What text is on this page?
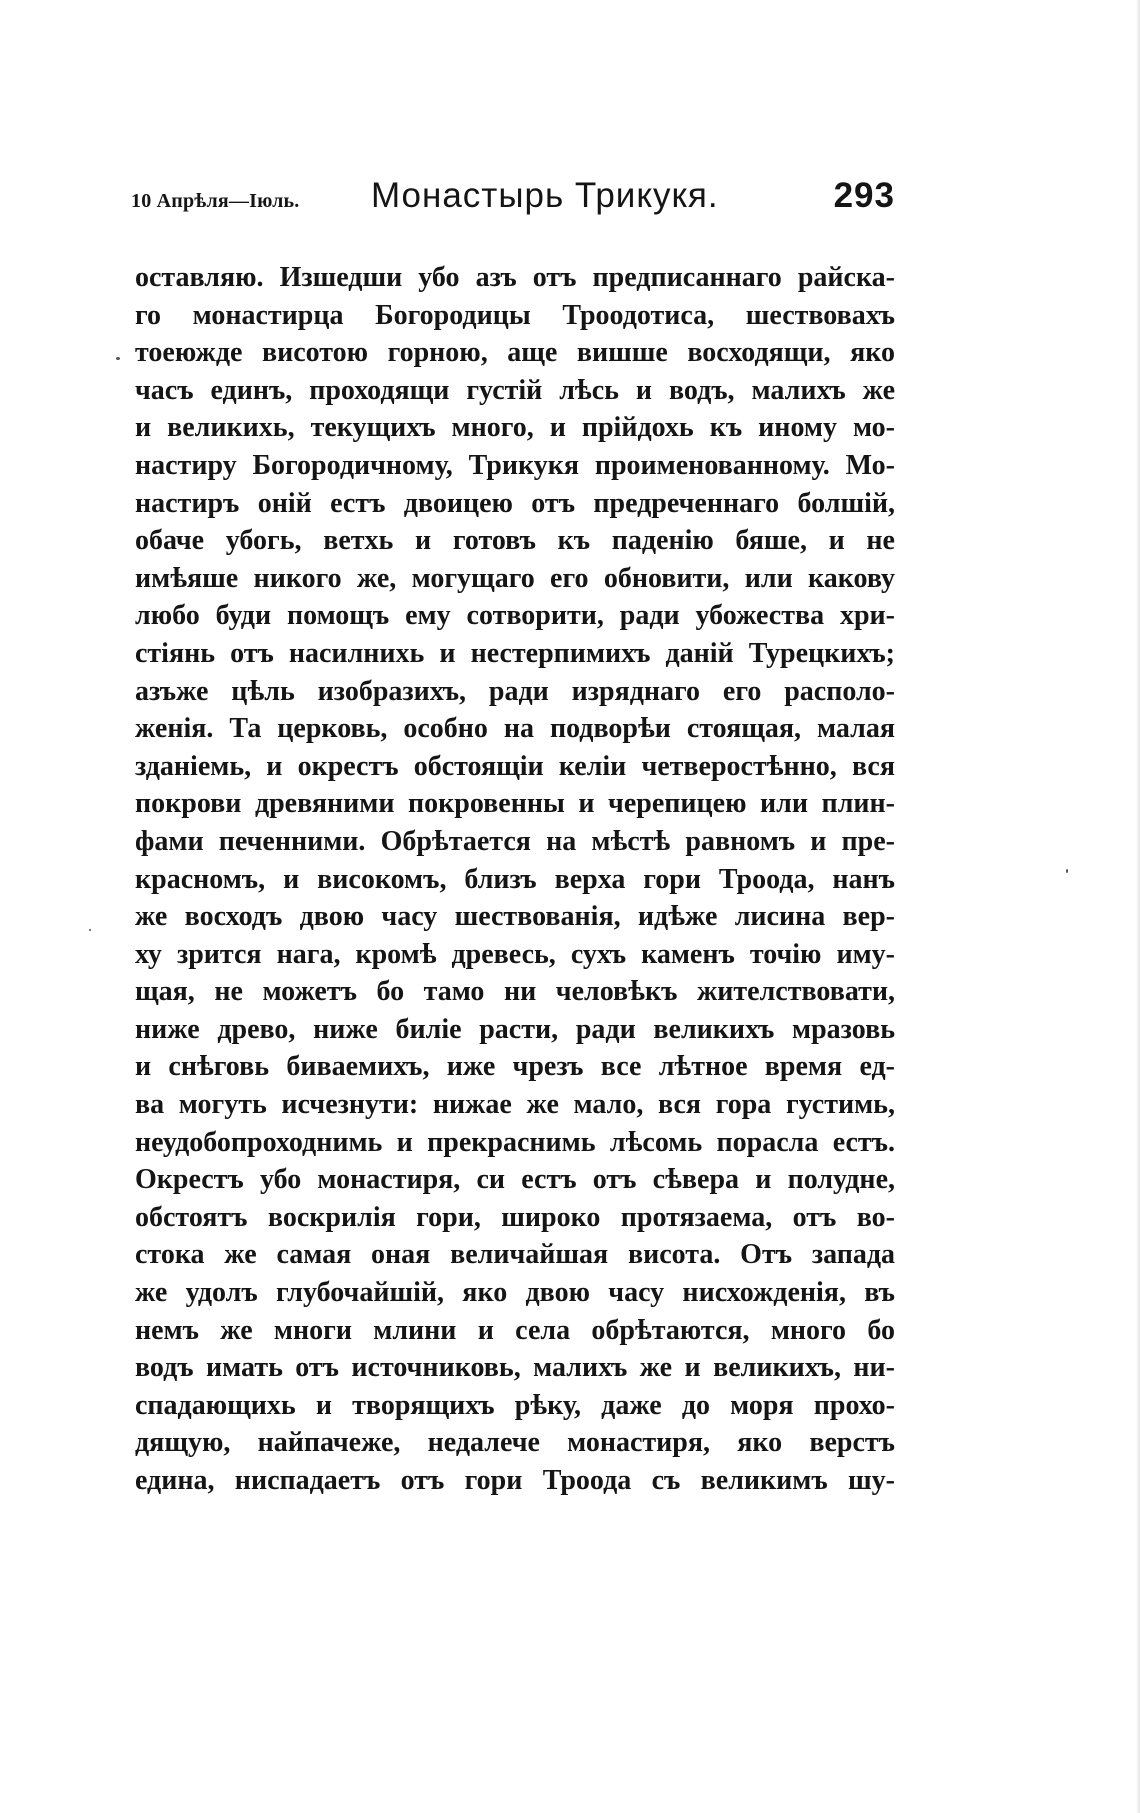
10 Апрѣля—Іюль. Монастырь Трикукя.	293
оставляю. Изшедши убо азъ отъ предписаннаго райска-
го монастирца Богородицы Троодотиса, шествовахъ
тоеюжде висотою горною, аще вишше восходящи, яко
часъ единъ, проходящи густій лѣсь и водъ, малихъ же
и великихь, текущихъ много, и прійдохь къ иному мо-
настиру Богородичному, Трикукя проименованному. Мо-
настиръ оній естъ двоицею отъ предреченнаго болшій,
обаче убогь, ветхь и готовъ къ паденію бяше, и не
имѣяше никого же, могущаго его обновити, или какову
любо буди помощъ ему сотворити, ради убожества хри-
стіянь отъ насилнихь и нестерпимихъ даній Турецкихъ;
азъже цѣль изобразихъ, ради изряднаго его располо-
женія. Та церковь, особно на подворѣи стоящая, малая
зданіемь, и окрестъ обстоящіи келіи четверостѣнно, вся
покрови древяними покровенны и черепицею или плин-
фами печенними. Обрѣтается на мѣстѣ равномъ и пре-
красномъ, и високомъ, близъ верха гори Троода, нанъ
же восходъ двою часу шествованія, идѣже лисина вер-
ху зрится нага, кромѣ древесь, сухъ каменъ точію иму-
щая, не можетъ бо тамо ни человѣкъ жителствовати,
ниже древо, ниже биліе расти, ради великихъ мразовь
и снѣговь биваемихъ, иже чрезъ все лѣтное время ед-
ва могуть исчезнути: нижае же мало, вся гора густимь,
неудобопроходнимь и прекраснимь лѣсомь порасла естъ.
Окрестъ убо монастиря, си естъ отъ сѣвера и полудне,
обстоятъ воскрилія гори, широко протязаема, отъ во-
стока же самая оная величайшая висота. Отъ запада
же удолъ глубочайшій, яко двою часу нисхожденія, въ
немъ же многи млини и села обрѣтаются, много бо
водъ имать отъ источниковь, малихъ же и великихъ, ни-
спадающихь и творящихъ рѣку, даже до моря прохо-
дящую, найпачеже, недалече монастиря, яко верстъ
едина, ниспадаетъ отъ гори Троода съ великимъ шу-
